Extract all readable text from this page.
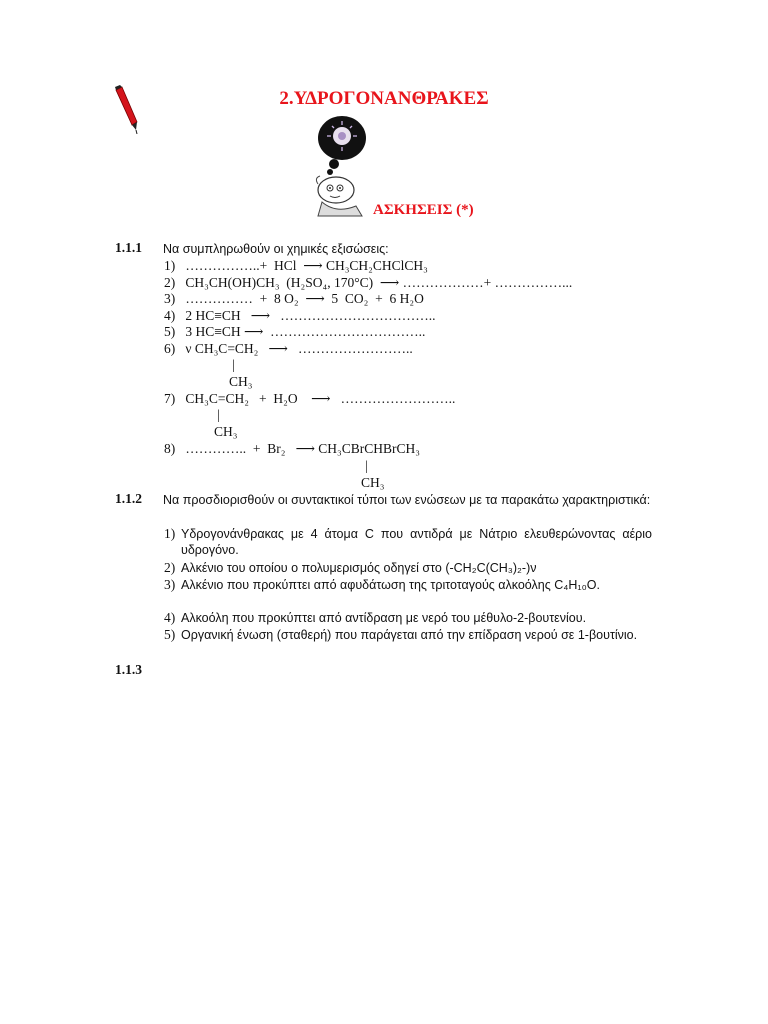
2.ΥΔΡΟΓΟΝΑΝΘΡΑΚΕΣ
ΑΣΚΗΣΕΙΣ (*)
1.1.1 Να συμπληρωθούν οι χημικές εξισώσεις:
1)   ……………..+  HCl  ⟶ CH₃CH₂CHClCH₃
2)   CH₃CH(OH)CH₃  (H₂SO₄, 170°C)  ⟶ ………………+ ……………...
3)   ……………  +  8 O₂  ⟶  5  CO₂  +  6 H₂O
4)   2 HC≡CH   ⟶   ……………………………..
5)   3 HC≡CH ⟶  ……………………………..
6)   ν CH₃C=CH₂   ⟶   ……………………..
|
CH₃
7)   CH₃C=CH₂   +  H₂O    ⟶   ……………………..
|
CH₃
8)   …………..  +  Br₂   ⟶ CH₃CBrCHBrCH₃
|
CH₃
1.1.2 Να προσδιορισθούν οι συντακτικοί τύποι των ενώσεων με τα παρακάτω χαρακτηριστικά:
1) Υδρογονάνθρακας με 4 άτομα C που αντιδρά με Νάτριο ελευθερώνοντας αέριο υδρογόνο.
2) Αλκένιο του οποίου ο πολυμερισμός οδηγεί στο (-CH₂C(CH₃)₂-)ν
3) Αλκένιο που προκύπτει από αφυδάτωση της τριτοταγούς αλκοόλης C₄H₁₀O.
4) Αλκοόλη που προκύπτει από αντίδραση με νερό του μέθυλο-2-βουτενίου.
5) Οργανική ένωση (σταθερή) που παράγεται από την επίδραση νερού σε 1-βουτίνιο.
1.1.3
